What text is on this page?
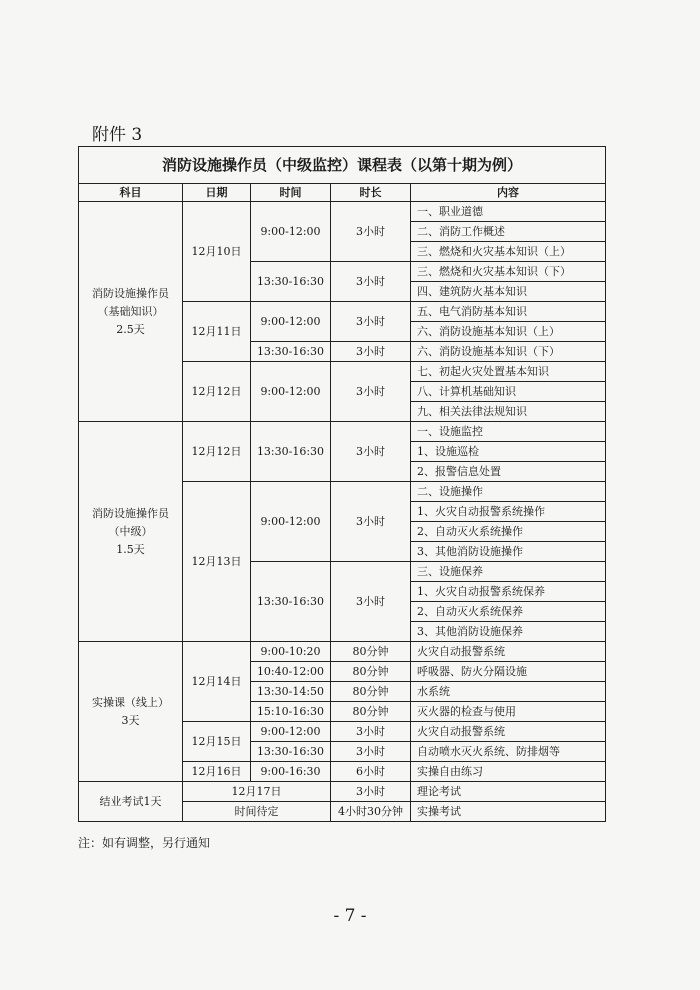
附件 3
消防设施操作员（中级监控）课程表（以第十期为例）				
科目	日期	时间	时长	内容
消防设施操作员
（基础知识）
2.5天	12月10日	9:00-12:00	3小时	一、职业道德
				二、消防工作概述
				三、燃烧和火灾基本知识（上）
		13:30-16:30	3小时	三、燃烧和火灾基本知识（下）
				四、建筑防火基本知识
	12月11日	9:00-12:00	3小时	五、电气消防基本知识
				六、消防设施基本知识（上）
		13:30-16:30	3小时	六、消防设施基本知识（下）
	12月12日	9:00-12:00	3小时	七、初起火灾处置基本知识
				八、计算机基础知识
				九、相关法律法规知识
消防设施操作员
（中级）
1.5天	12月12日	13:30-16:30	3小时	一、设施监控
				1、设施巡检
				2、报警信息处置
	12月13日	9:00-12:00	3小时	二、设施操作
				1、火灾自动报警系统操作
				2、自动灭火系统操作
				3、其他消防设施操作
		13:30-16:30	3小时	三、设施保养
				1、火灾自动报警系统保养
				2、自动灭火系统保养
				3、其他消防设施保养
实操课（线上）
3天	12月14日	9:00-10:20	80分钟	火灾自动报警系统
		10:40-12:00	80分钟	呼吸器、防火分隔设施
		13:30-14:50	80分钟	水系统
		15:10-16:30	80分钟	灭火器的检查与使用
	12月15日	9:00-12:00	3小时	火灾自动报警系统
		13:30-16:30	3小时	自动喷水灭火系统、防排烟等
	12月16日	9:00-16:30	6小时	实操自由练习
结业考试1天	12月17日		3小时	理论考试
	时间待定		4小时30分钟	实操考试
注：如有调整，另行通知
- 7 -
